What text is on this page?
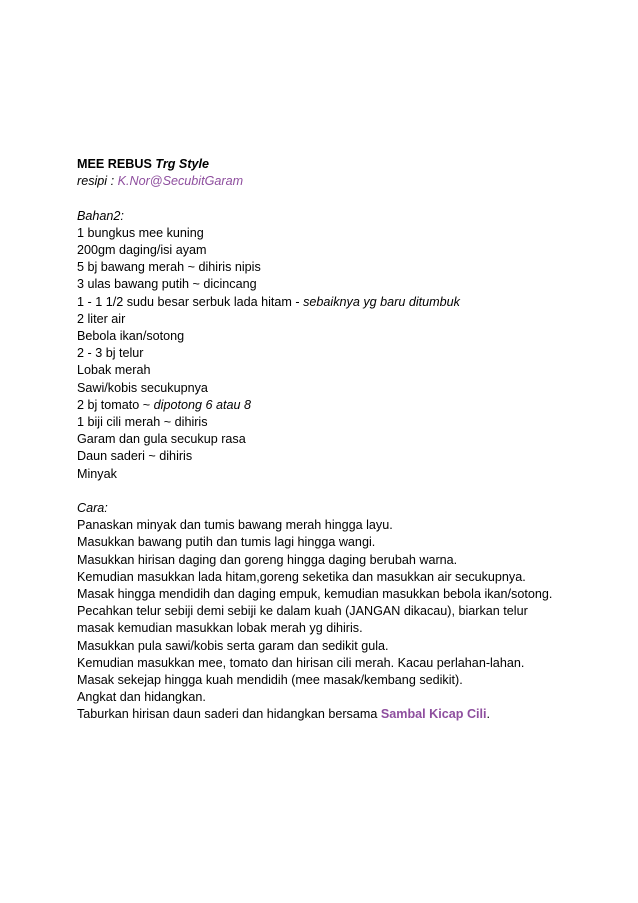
MEE REBUS Trg Style
resipi : K.Nor@SecubitGaram
Bahan2:
1 bungkus mee kuning
200gm daging/isi ayam
5 bj bawang merah ~ dihiris nipis
3 ulas bawang putih ~ dicincang
1 - 1 1/2 sudu besar serbuk lada hitam - sebaiknya yg baru ditumbuk
2 liter air
Bebola ikan/sotong
2 - 3 bj telur
Lobak merah
Sawi/kobis secukupnya
2 bj tomato ~ dipotong 6 atau 8
1 biji cili merah ~ dihiris
Garam dan gula secukup rasa
Daun saderi ~ dihiris
Minyak
Cara:
Panaskan minyak dan tumis bawang merah hingga layu.
Masukkan bawang putih dan tumis lagi hingga wangi.
Masukkan hirisan daging dan goreng hingga daging berubah warna.
Kemudian masukkan lada hitam,goreng seketika dan masukkan air secukupnya.
Masak hingga mendidih dan daging empuk, kemudian masukkan bebola ikan/sotong.
Pecahkan telur sebiji demi sebiji ke dalam kuah (JANGAN dikacau), biarkan telur
masak kemudian masukkan lobak merah yg dihiris.
Masukkan pula sawi/kobis serta garam dan sedikit gula.
Kemudian masukkan mee, tomato dan hirisan cili merah. Kacau perlahan-lahan.
Masak sekejap hingga kuah mendidih (mee masak/kembang sedikit).
Angkat dan hidangkan.
Taburkan hirisan daun saderi dan hidangkan bersama Sambal Kicap Cili.
